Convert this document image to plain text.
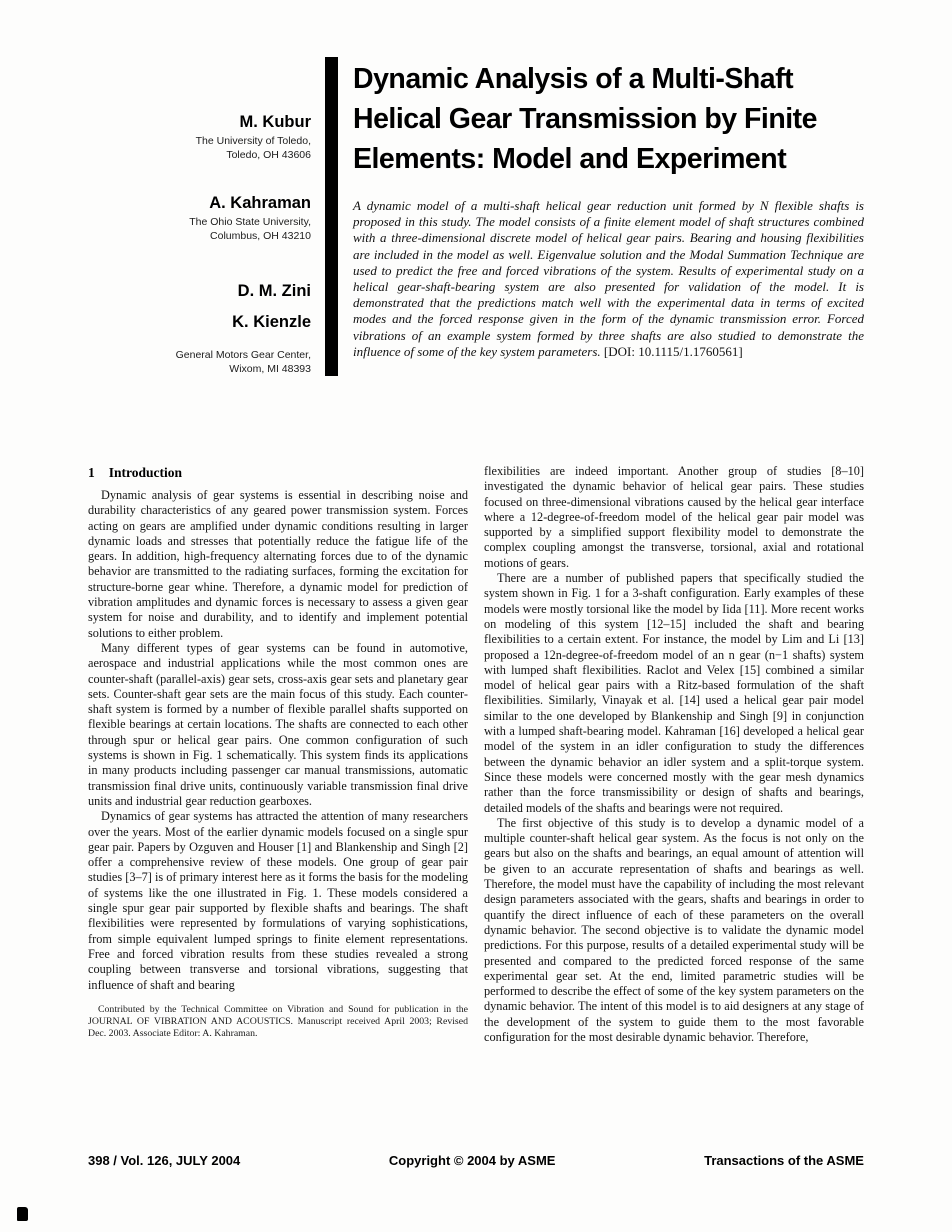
M. Kubur
The University of Toledo,
Toledo, OH 43606
A. Kahraman
The Ohio State University,
Columbus, OH 43210
D. M. Zini
K. Kienzle
General Motors Gear Center,
Wixom, MI 48393
Dynamic Analysis of a Multi-Shaft Helical Gear Transmission by Finite Elements: Model and Experiment

A dynamic model of a multi-shaft helical gear reduction unit formed by N flexible shafts is proposed in this study. The model consists of a finite element model of shaft structures combined with a three-dimensional discrete model of helical gear pairs. Bearing and housing flexibilities are included in the model as well. Eigenvalue solution and the Modal Summation Technique are used to predict the free and forced vibrations of the system. Results of experimental study on a helical gear-shaft-bearing system are also presented for validation of the model. It is demonstrated that the predictions match well with the experimental data in terms of excited modes and the forced response given in the form of the dynamic transmission error. Forced vibrations of an example system formed by three shafts are also studied to demonstrate the influence of some of the key system parameters. [DOI: 10.1115/1.1760561]

1 Introduction

Dynamic analysis of gear systems is essential in describing noise and durability characteristics of any geared power transmission system. Forces acting on gears are amplified under dynamic conditions resulting in larger dynamic loads and stresses that potentially reduce the fatigue life of the gears. In addition, high-frequency alternating forces due to of the dynamic behavior are transmitted to the radiating surfaces, forming the excitation for structure-borne gear whine. Therefore, a dynamic model for prediction of vibration amplitudes and dynamic forces is necessary to assess a given gear system for noise and durability, and to identify and implement potential solutions to either problem.

Many different types of gear systems can be found in automotive, aerospace and industrial applications while the most common ones are counter-shaft (parallel-axis) gear sets, cross-axis gear sets and planetary gear sets. Counter-shaft gear sets are the main focus of this study. Each counter-shaft system is formed by a number of flexible parallel shafts supported on flexible bearings at certain locations. The shafts are connected to each other through spur or helical gear pairs. One common configuration of such systems is shown in Fig. 1 schematically. This system finds its applications in many products including passenger car manual transmissions, automatic transmission final drive units, continuously variable transmission final drive units and industrial gear reduction gearboxes.

Dynamics of gear systems has attracted the attention of many researchers over the years. Most of the earlier dynamic models focused on a single spur gear pair. Papers by Ozguven and Houser [1] and Blankenship and Singh [2] offer a comprehensive review of these models. One group of gear pair studies [3–7] is of primary interest here as it forms the basis for the modeling of systems like the one illustrated in Fig. 1. These models considered a single spur gear pair supported by flexible shafts and bearings. The shaft flexibilities were represented by formulations of varying sophistications, from simple equivalent lumped springs to finite element representations. Free and forced vibration results from these studies revealed a strong coupling between transverse and torsional vibrations, suggesting that influence of shaft and bearing

Contributed by the Technical Committee on Vibration and Sound for publication in the JOURNAL OF VIBRATION AND ACOUSTICS. Manuscript received April 2003; Revised Dec. 2003. Associate Editor: A. Kahraman.

flexibilities are indeed important. Another group of studies [8–10] investigated the dynamic behavior of helical gear pairs. These studies focused on three-dimensional vibrations caused by the helical gear interface where a 12-degree-of-freedom model of the helical gear pair model was supported by a simplified support flexibility model to demonstrate the complex coupling amongst the transverse, torsional, axial and rotational motions of gears.

There are a number of published papers that specifically studied the system shown in Fig. 1 for a 3-shaft configuration. Early examples of these models were mostly torsional like the model by Iida [11]. More recent works on modeling of this system [12–15] included the shaft and bearing flexibilities to a certain extent. For instance, the model by Lim and Li [13] proposed a 12n-degree-of-freedom model of an n gear (n−1 shafts) system with lumped shaft flexibilities. Raclot and Velex [15] combined a similar model of helical gear pairs with a Ritz-based formulation of the shaft flexibilities. Similarly, Vinayak et al. [14] used a helical gear pair model similar to the one developed by Blankenship and Singh [9] in conjunction with a lumped shaft-bearing model. Kahraman [16] developed a helical gear model of the system in an idler configuration to study the differences between the dynamic behavior an idler system and a split-torque system. Since these models were concerned mostly with the gear mesh dynamics rather than the force transmissibility or design of shafts and bearings, detailed models of the shafts and bearings were not required.

The first objective of this study is to develop a dynamic model of a multiple counter-shaft helical gear system. As the focus is not only on the gears but also on the shafts and bearings, an equal amount of attention will be given to an accurate representation of shafts and bearings as well. Therefore, the model must have the capability of including the most relevant design parameters associated with the gears, shafts and bearings in order to quantify the direct influence of each of these parameters on the overall dynamic behavior. The second objective is to validate the dynamic model predictions. For this purpose, results of a detailed experimental study will be presented and compared to the predicted forced response of the same experimental gear set. At the end, limited parametric studies will be performed to describe the effect of some of the key system parameters on the dynamic behavior. The intent of this model is to aid designers at any stage of the development of the system to guide them to the most favorable configuration for the most desirable dynamic behavior. Therefore,

398 / Vol. 126, JULY 2004	Copyright © 2004 by ASME	Transactions of the ASME
